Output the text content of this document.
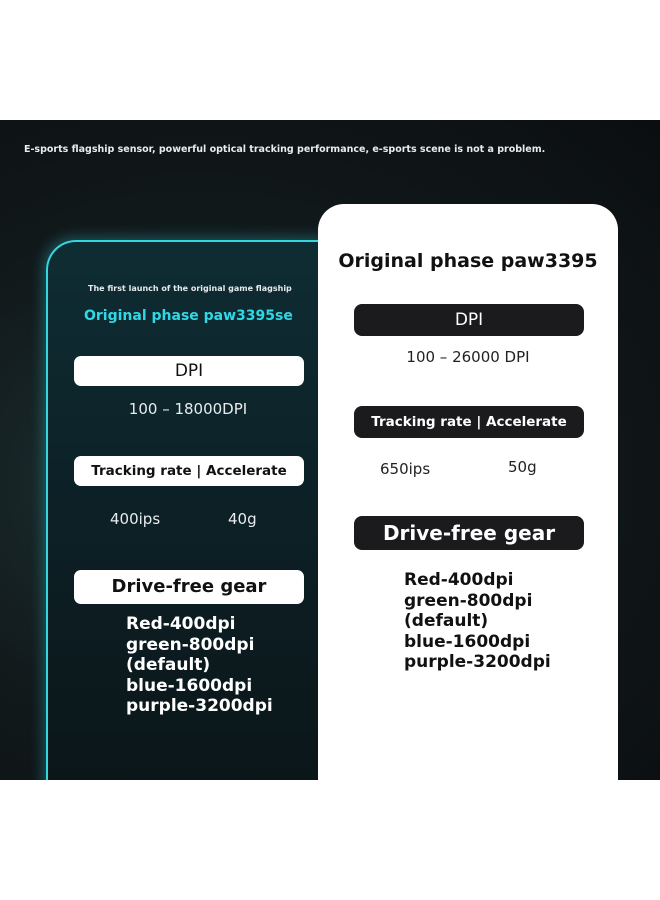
E-sports flagship sensor, powerful optical tracking performance, e-sports scene is not a problem.
The first launch of the original game flagship
Original phase paw3395se
DPI
100 – 18000DPI
Tracking rate | Accelerate
400ips	40g
Drive-free gear
Red-400dpi
green-800dpi
(default)
blue-1600dpi
purple-3200dpi
Original phase paw3395
DPI
100 – 26000 DPI
Tracking rate | Accelerate
650ips	50g
Drive-free gear
Red-400dpi
green-800dpi
(default)
blue-1600dpi
purple-3200dpi
